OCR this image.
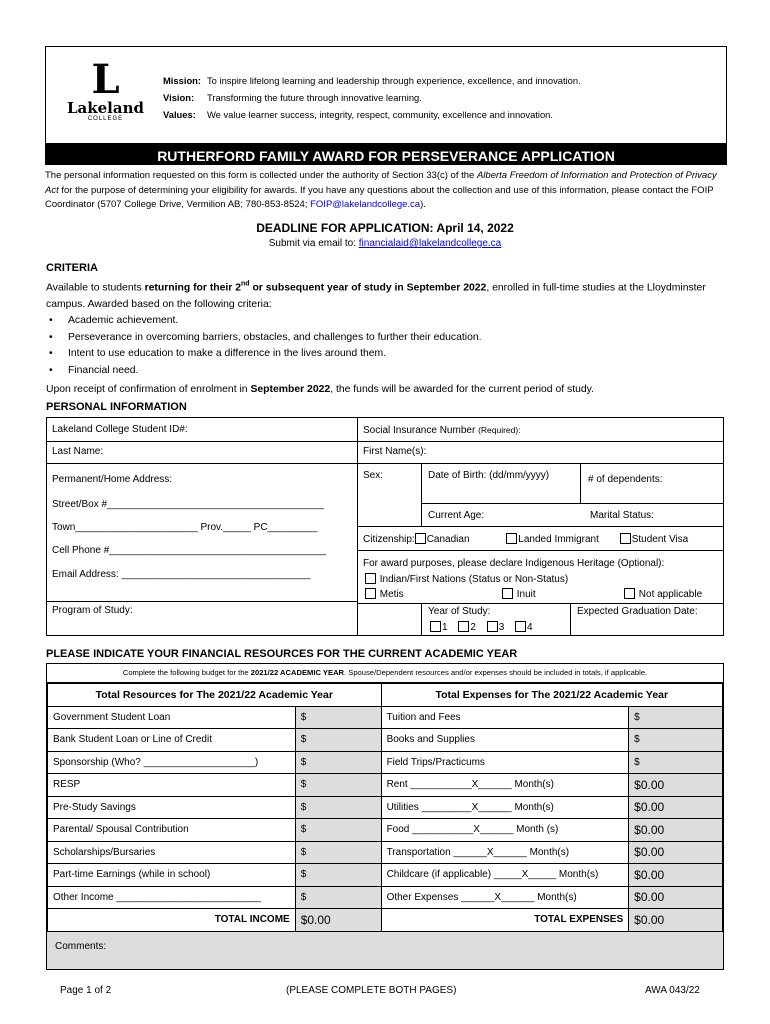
L
Lakeland
COLLEGE
Mission: To inspire lifelong learning and leadership through experience, excellence, and innovation.
Vision: Transforming the future through innovative learning.
Values: We value learner success, integrity, respect, community, excellence and innovation.
RUTHERFORD FAMILY AWARD FOR PERSEVERANCE APPLICATION
The personal information requested on this form is collected under the authority of Section 33(c) of the Alberta Freedom of Information and Protection of Privacy Act for the purpose of determining your eligibility for awards. If you have any questions about the collection and use of this information, please contact the FOIP Coordinator (5707 College Drive, Vermilion AB; 780-853-8524; FOIP@lakelandcollege.ca).
DEADLINE FOR APPLICATION: April 14, 2022
Submit via email to: financialaid@lakelandcollege.ca
CRITERIA
Available to students returning for their 2nd or subsequent year of study in September 2022, enrolled in full-time studies at the Lloydminster campus. Awarded based on the following criteria:
• Academic achievement.
• Perseverance in overcoming barriers, obstacles, and challenges to further their education.
• Intent to use education to make a difference in the lives around them.
• Financial need.
Upon receipt of confirmation of enrolment in September 2022, the funds will be awarded for the current period of study.
PERSONAL INFORMATION
Lakeland College Student ID#:	Social Insurance Number (Required):
Last Name:	First Name(s):
Permanent/Home Address:
Street/Box #_______________________________________
Town______________________ Prov._____ PC_________
Cell Phone #_______________________________________
Email Address: __________________________________
Program of Study:
Sex:	Date of Birth: (dd/mm/yyyy)	# of dependents:
Current Age:	Marital Status:
Citizenship: Canadian	Landed Immigrant	Student Visa
For award purposes, please declare Indigenous Heritage (Optional):
Indian/First Nations (Status or Non-Status)
Metis	Inuit	Not applicable
Year of Study:
1 2 3 4
Expected Graduation Date:
PLEASE INDICATE YOUR FINANCIAL RESOURCES FOR THE CURRENT ACADEMIC YEAR
Complete the following budget for the 2021/22 ACADEMIC YEAR. Spouse/Dependent resources and/or expenses should be included in totals, if applicable.
Total Resources for The 2021/22 Academic Year		Total Expenses for The 2021/22 Academic Year	
Government Student Loan	$	Tuition and Fees	$
Bank Student Loan or Line of Credit	$	Books and Supplies	$
Sponsorship (Who? ____________________)	$	Field Trips/Practicums	$
RESP	$	Rent ___________X______ Month(s)	$0.00
Pre-Study Savings	$	Utilities _________X______ Month(s)	$0.00
Parental/ Spousal Contribution	$	Food ___________X______ Month (s)	$0.00
Scholarships/Bursaries	$	Transportation ______X______ Month(s)	$0.00
Part-time Earnings (while in school)	$	Childcare (if applicable) _____X_____ Month(s)	$0.00
Other Income __________________________	$	Other Expenses ______X______ Month(s)	$0.00
TOTAL INCOME	$0.00	TOTAL EXPENSES	$0.00
Comments:
Page 1 of 2	(PLEASE COMPLETE BOTH PAGES)	AWA 043/22
